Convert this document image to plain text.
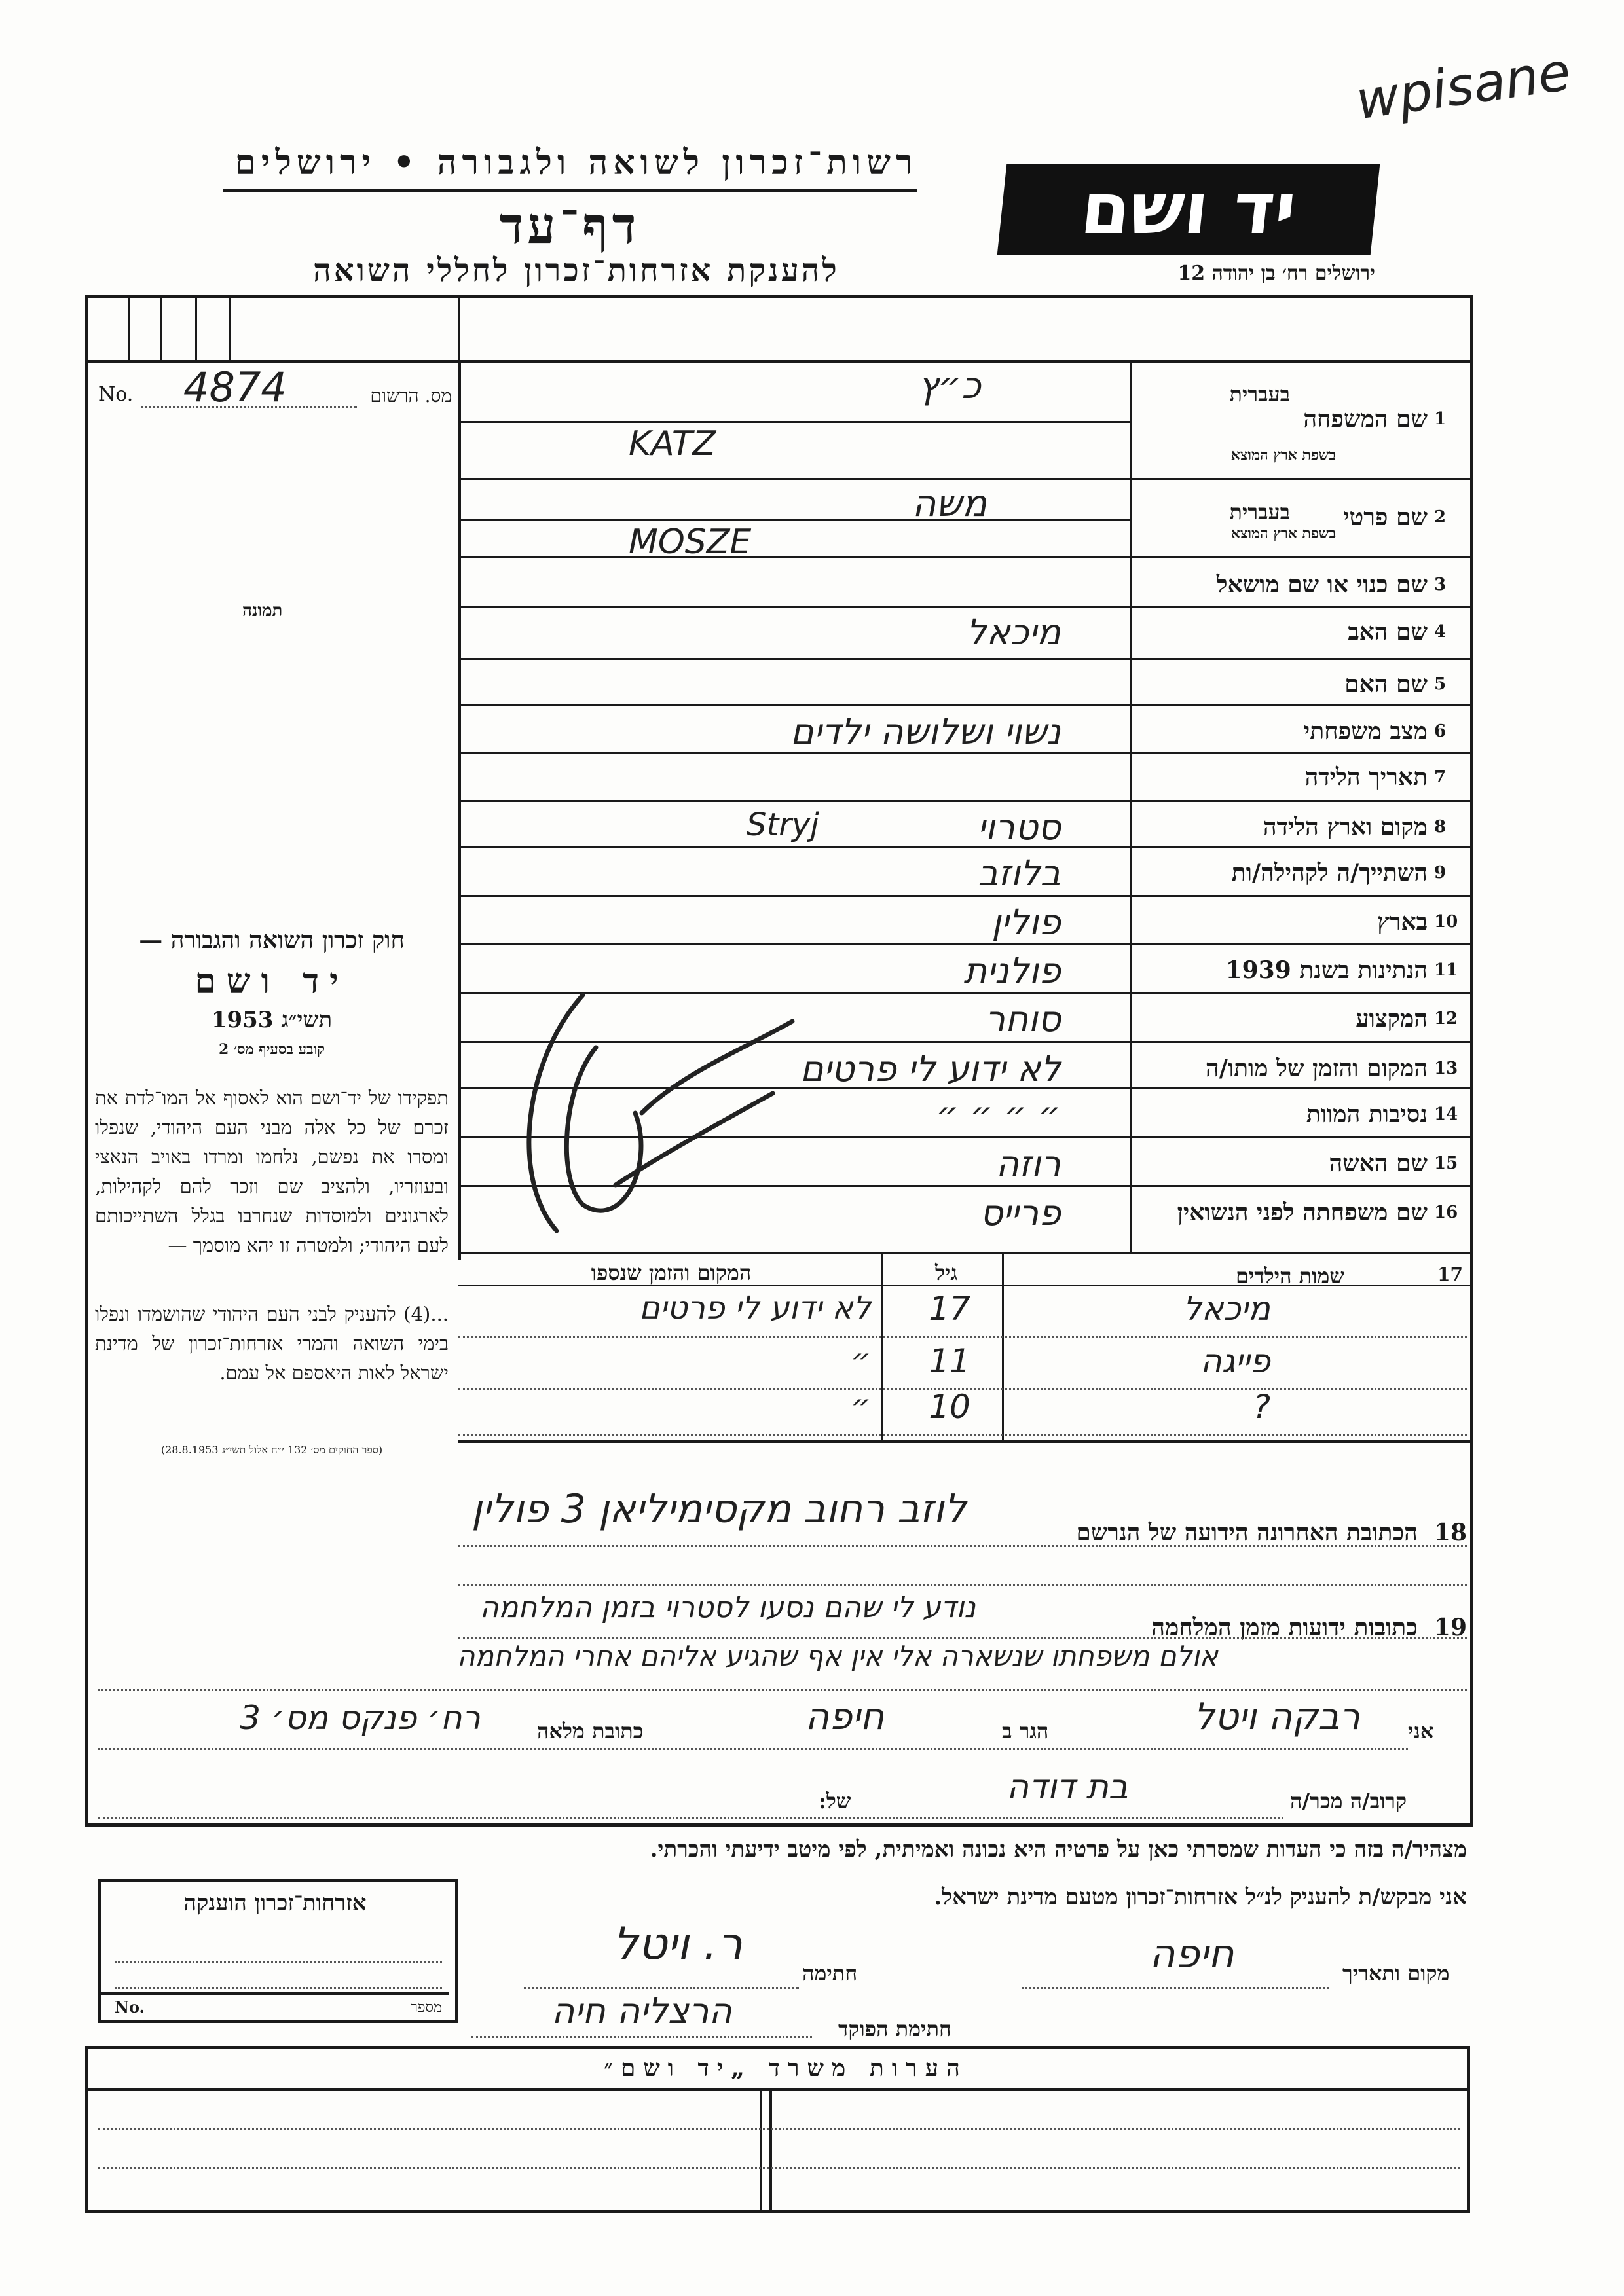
wpisane
רשות־זכרון לשואה ולגבורה • ירושלים
דף־עד
להענקת אזרחות־זכרון לחללי השואה
יד ושם
ירושלים רח׳ בן יהודה 12
No. 4874	מס. הרשום
תמונה
חוק זכרון השואה והגבורה —
יד ושם
תשי״ג 1953
קובע בסעיף מס׳ 2
תפקידו של יד־ושם הוא לאסוף אל המו־לדת את זכרם של כל אלה מבני העם היהודי, שנפלו ומסרו את נפשם, נלחמו ומרדו באויב הנאצי ובעוזריו, ולהציב שם וזכר להם לקהילות, לארגונים ולמוסדות שנחרבו בגלל השתייכותם לעם היהודי; ולמטרה זו יהא מוסמך —
...(4) להעניק לבני העם היהודי שהושמדו ונפלו בימי השואה והמרי אזרחות־זכרון של מדינת ישראל לאות היאספם אל עמם.
(ספר החוקים מס׳ 132 י״ח אלול תשי״ג 28.8.1953)
1
שם המשפחה
בעברית
בשפת ארץ המוצא
כ״ץ
KATZ
2
שם פרטי
בעברית
בשפת ארץ המוצא
משה
MOSZE
3
שם כנוי או שם מושאל
4
שם האב
מיכאל
5
שם האם
6
מצב משפחתי
נשוי ושלושה ילדים
7
תאריך הלידה
8
מקום וארץ הלידה
סטרוי
Stryj
9
השתייך/ה לקהילה/ות
בלוזב
10
בארץ
פולין
11
הנתינות בשנת 1939
פולנית
12
המקצוע
סוחר
13
המקום והזמן של מותו/ה
לא ידוע לי פרטים
14
נסיבות המוות
״ ״ ״ ״
15
שם האשה
רוזה
16
שם משפחתה לפני הנשואין
פרייס
17
שמות הילדים
גיל
המקום והזמן שנספו
מיכאל
17
לא ידוע לי פרטים
פייגה
11
״
?
10
״
18  הכתובת האחרונה הידועה של הנרשם
לוזב רחוב מקסימיליאן 3 פולין
19  כתובות ידועות מזמן המלחמה
נודע לי שהם נסעו לסטרוי בזמן המלחמה
אולם משפחתו שנשארה אלי אין אף שהגיע אליהם אחרי המלחמה
אני
רבקה ויטל
הגר ב
חיפה
כתובת מלאה
רח׳ פנקס מס׳ 3
קרוב/ה מכר/ה
בת דודה
של:
מצהיר/ה בזה כי העדות שמסרתי כאן על פרטיה היא נכונה ואמיתית, לפי מיטב ידיעתי והכרתי.
אני מבקש/ת להעניק לנ״ל אזרחות־זכרון מטעם מדינת ישראל.
מקום ותאריך
חיפה
חתימה
ר. ויטל
חתימת הפוקד
הרצליה חיה
אזרחות־זכרון הוענקה
No.	מספר
הערות משרד „יד ושם״
